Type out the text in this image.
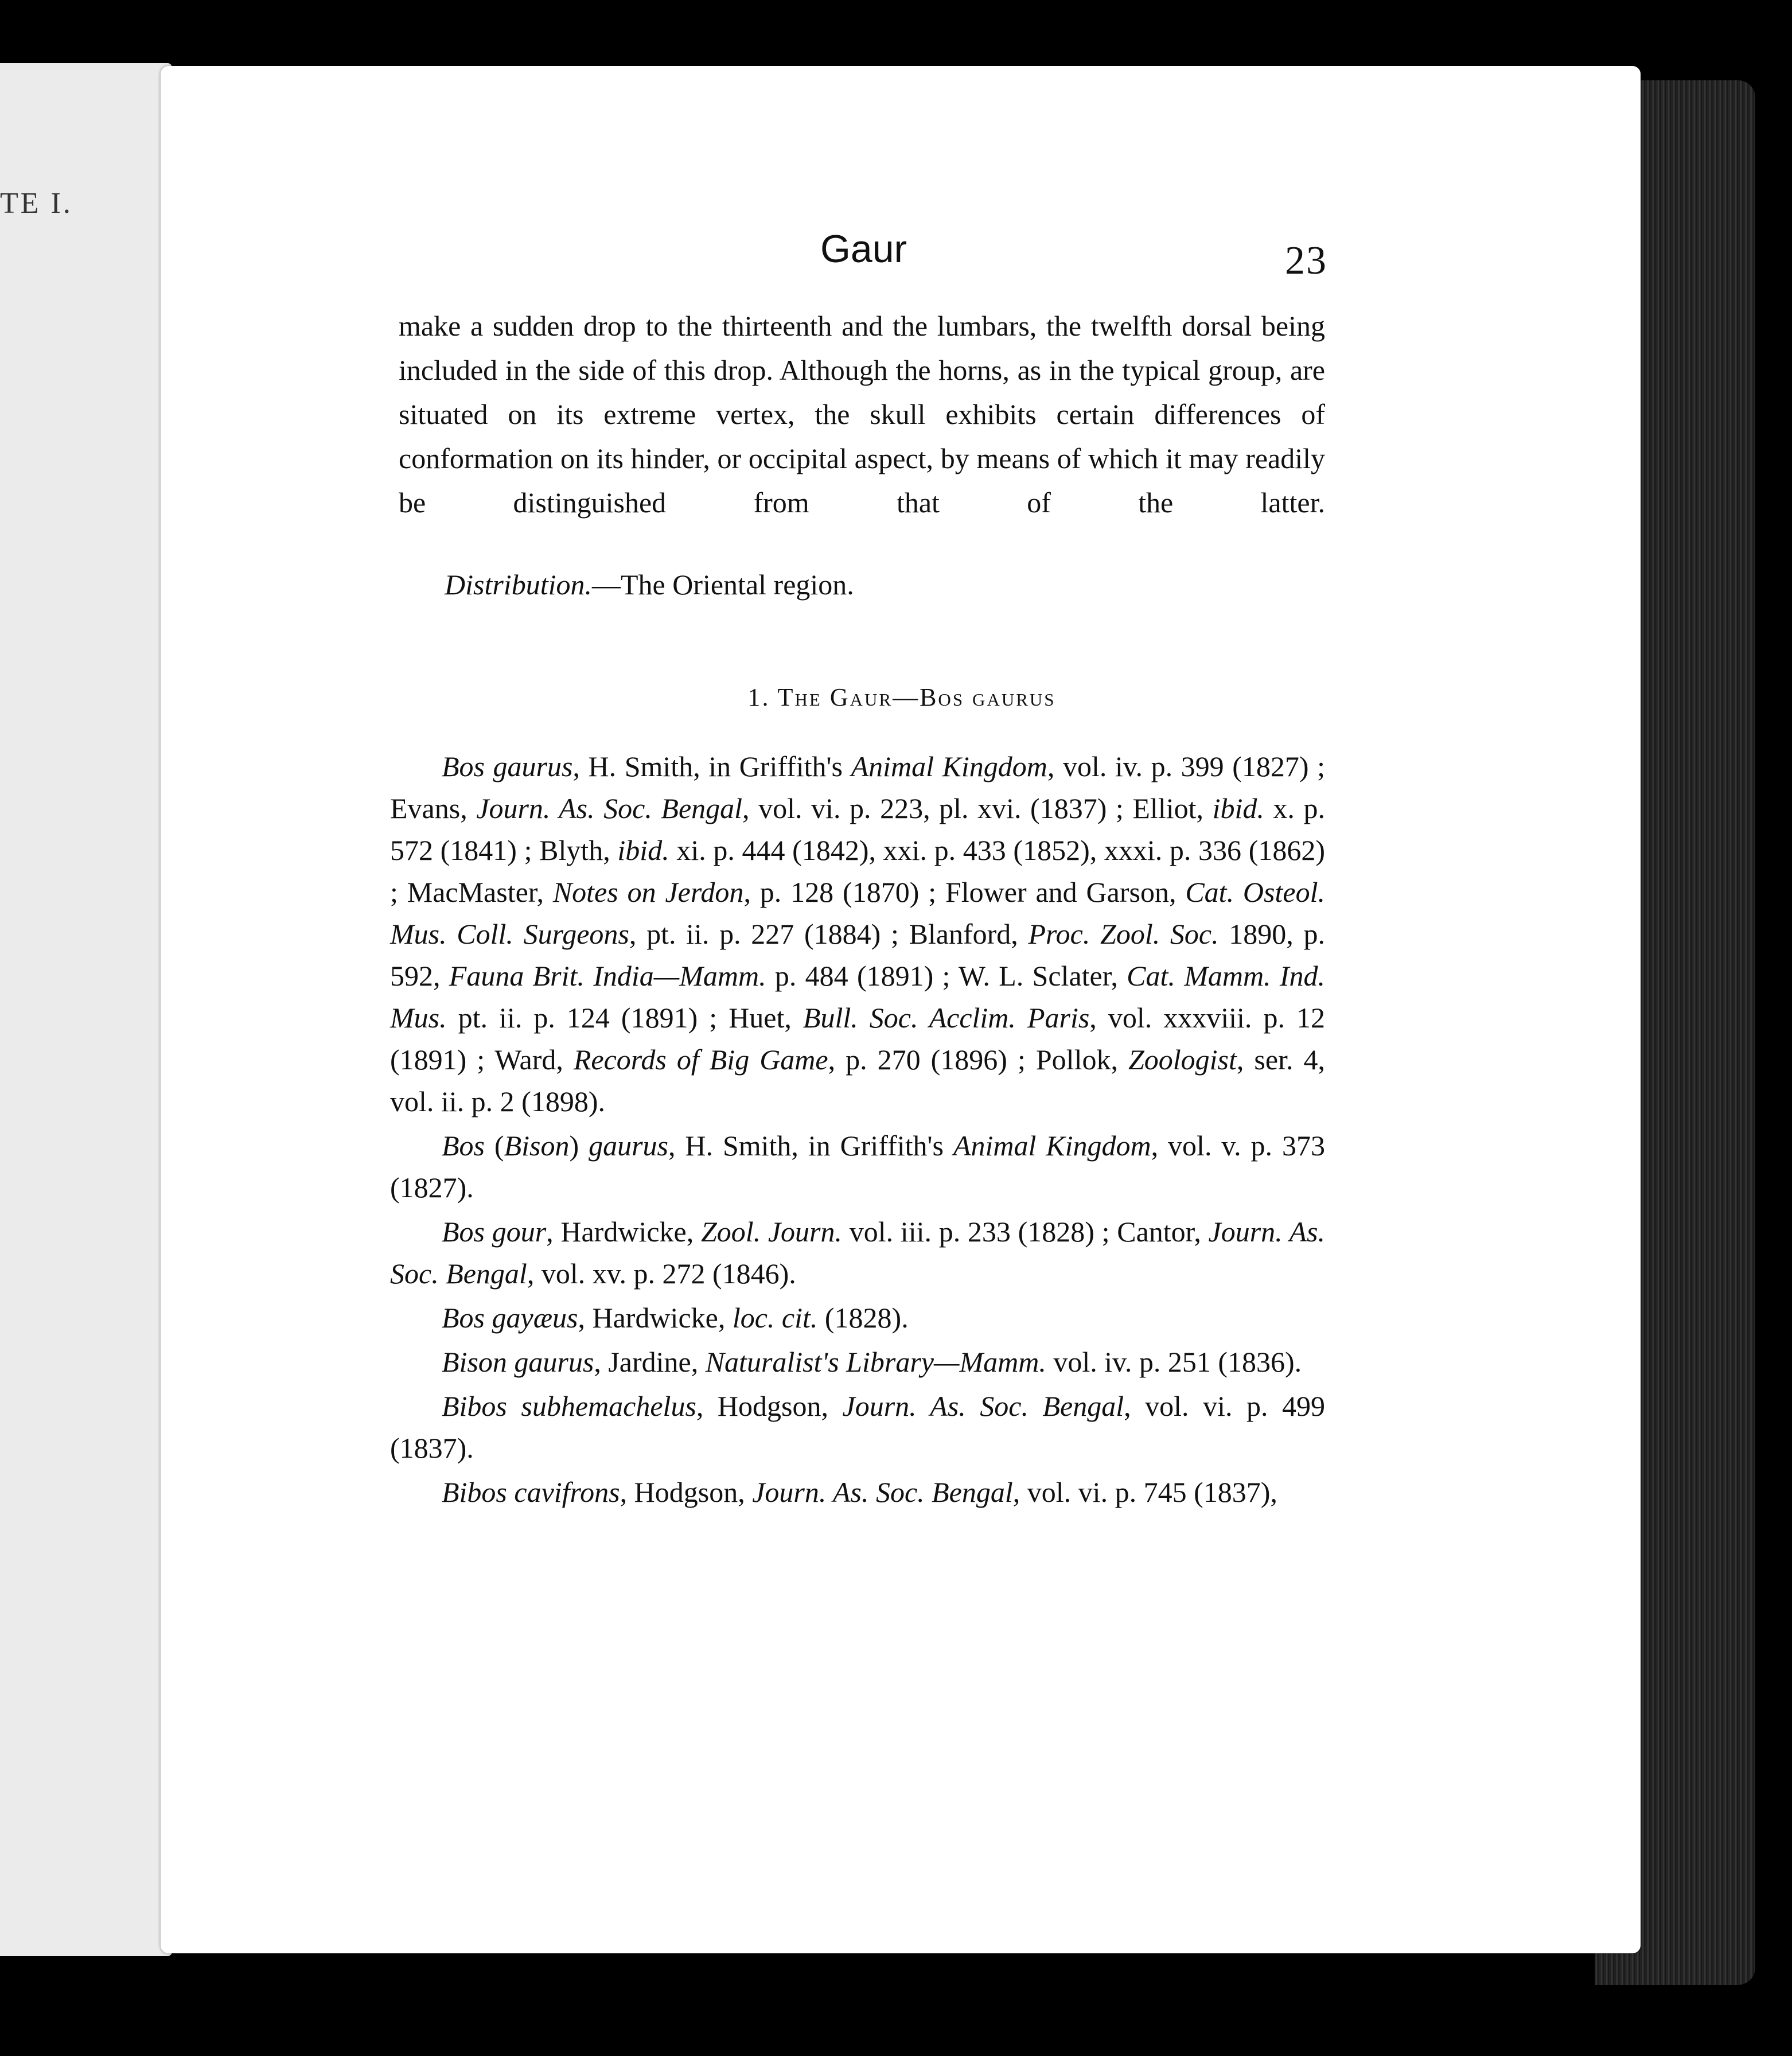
TE I.
Gaur	23

make a sudden drop to the thirteenth and the lumbars, the twelfth dorsal being included in the side of this drop. Although the horns, as in the typical group, are situated on its extreme vertex, the skull exhibits certain differences of conformation on its hinder, or occipital aspect, by means of which it may readily be distinguished from that of the latter.

Distribution.—The Oriental region.
1. The Gaur—Bos gaurus

Bos gaurus, H. Smith, in Griffith's Animal Kingdom, vol. iv. p. 399 (1827) ; Evans, Journ. As. Soc. Bengal, vol. vi. p. 223, pl. xvi. (1837) ; Elliot, ibid. x. p. 572 (1841) ; Blyth, ibid. xi. p. 444 (1842), xxi. p. 433 (1852), xxxi. p. 336 (1862) ; MacMaster, Notes on Jerdon, p. 128 (1870) ; Flower and Garson, Cat. Osteol. Mus. Coll. Surgeons, pt. ii. p. 227 (1884) ; Blanford, Proc. Zool. Soc. 1890, p. 592, Fauna Brit. India—Mamm. p. 484 (1891) ; W. L. Sclater, Cat. Mamm. Ind. Mus. pt. ii. p. 124 (1891) ; Huet, Bull. Soc. Acclim. Paris, vol. xxxviii. p. 12 (1891) ; Ward, Records of Big Game, p. 270 (1896) ; Pollok, Zoologist, ser. 4, vol. ii. p. 2 (1898).

Bos (Bison) gaurus, H. Smith, in Griffith's Animal Kingdom, vol. v. p. 373 (1827).

Bos gour, Hardwicke, Zool. Journ. vol. iii. p. 233 (1828) ; Cantor, Journ. As. Soc. Bengal, vol. xv. p. 272 (1846).

Bos gayæus, Hardwicke, loc. cit. (1828).

Bison gaurus, Jardine, Naturalist's Library—Mamm. vol. iv. p. 251 (1836).

Bibos subhemachelus, Hodgson, Journ. As. Soc. Bengal, vol. vi. p. 499 (1837).

Bibos cavifrons, Hodgson, Journ. As. Soc. Bengal, vol. vi. p. 745 (1837),
